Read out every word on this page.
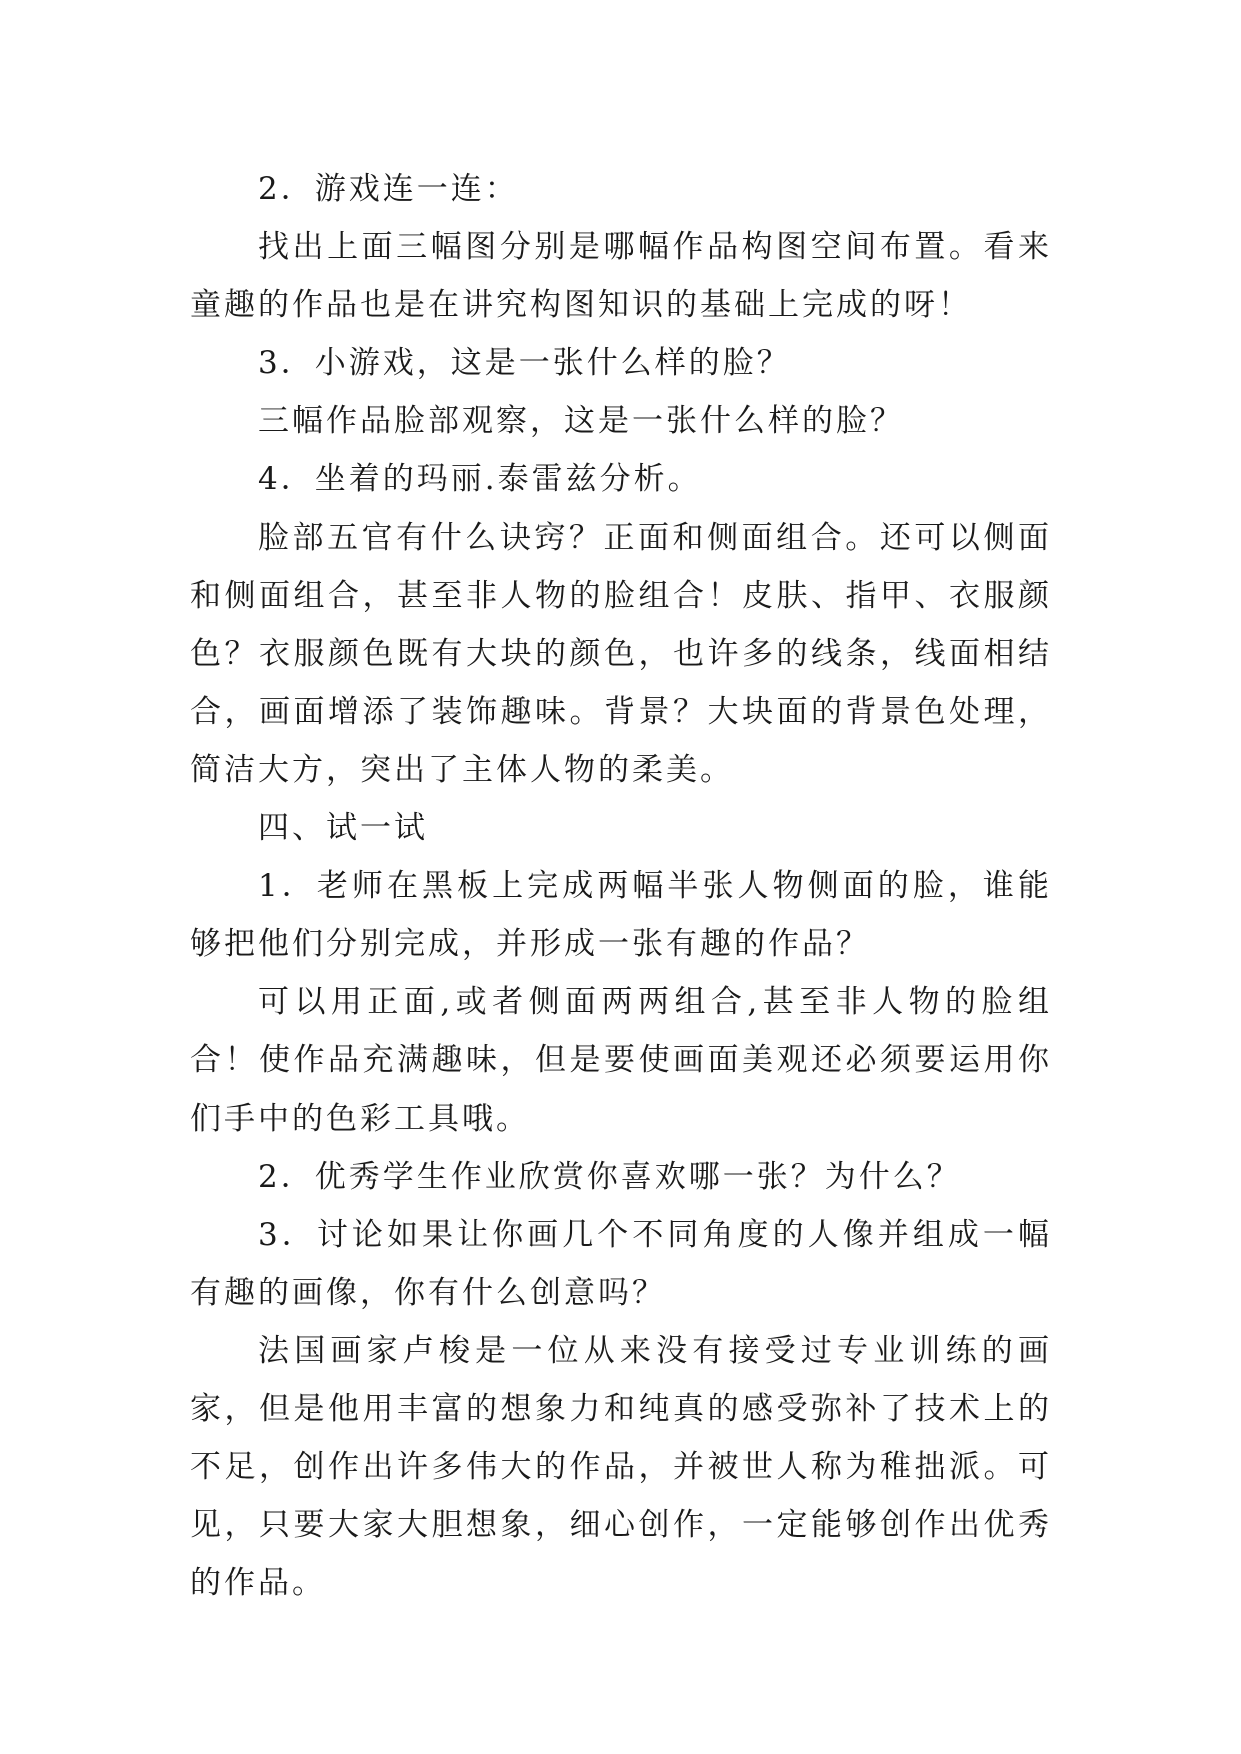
2．游戏连一连：

找出上面三幅图分别是哪幅作品构图空间布置。看来童趣的作品也是在讲究构图知识的基础上完成的呀！

3．小游戏，这是一张什么样的脸？

三幅作品脸部观察，这是一张什么样的脸？

4．坐着的玛丽.泰雷兹分析。

脸部五官有什么诀窍？正面和侧面组合。还可以侧面和侧面组合，甚至非人物的脸组合！皮肤、指甲、衣服颜色？衣服颜色既有大块的颜色，也许多的线条，线面相结合，画面增添了装饰趣味。背景？大块面的背景色处理，简洁大方，突出了主体人物的柔美。

四、试一试

1．老师在黑板上完成两幅半张人物侧面的脸，谁能够把他们分别完成，并形成一张有趣的作品？

可以用正面,或者侧面两两组合,甚至非人物的脸组合！使作品充满趣味，但是要使画面美观还必须要运用你们手中的色彩工具哦。

2．优秀学生作业欣赏你喜欢哪一张？为什么？

3．讨论如果让你画几个不同角度的人像并组成一幅有趣的画像，你有什么创意吗？

法国画家卢梭是一位从来没有接受过专业训练的画家，但是他用丰富的想象力和纯真的感受弥补了技术上的不足，创作出许多伟大的作品，并被世人称为稚拙派。可见，只要大家大胆想象，细心创作，一定能够创作出优秀的作品。
